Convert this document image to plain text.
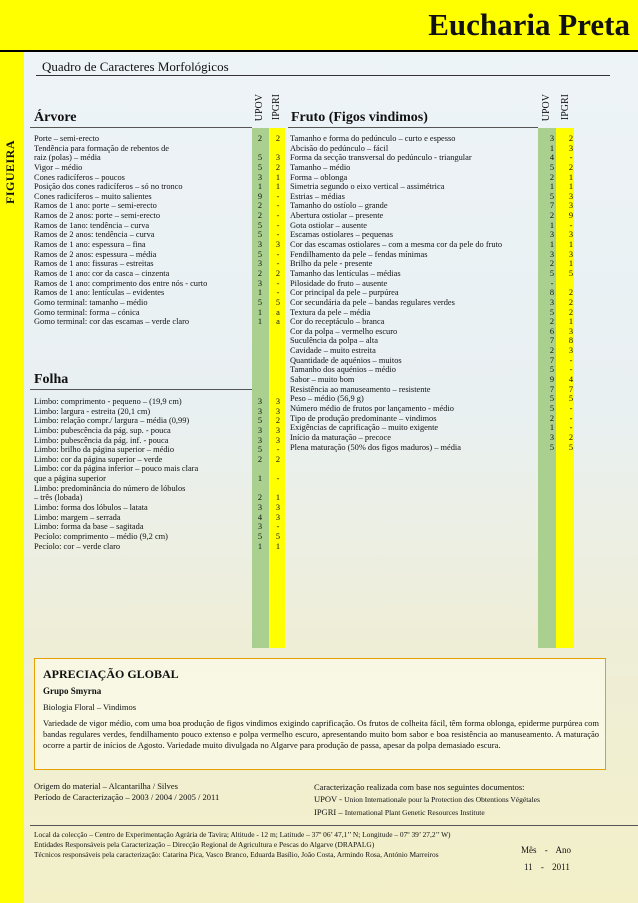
Eucharia Preta
FIGUEIRA
Quadro de Caracteres Morfológicos
UPOV IPGRI	UPOV IPGRI
Árvore
Porte – semi-erecto	2	2
Tendência para formação de rebentos de
raiz (polas) – média	5	3
Vigor – médio	5	2
Cones radicíferos – poucos	3	1
Posição dos cones radicíferos – só no tronco	1	1
Cones radicíferos – muito salientes	9	-
Ramos de 1 ano: porte – semi-erecto	2	-
Ramos de 2 anos: porte – semi-erecto	2	-
Ramos de 1ano: tendência – curva	5	-
Ramos de 2 anos: tendência – curva	5	-
Ramos de 1 ano: espessura – fina	3	3
Ramos de 2 anos: espessura – média	5	-
Ramos de 1 ano: fissuras – estreitas	3	-
Ramos de 1 ano: cor da casca – cinzenta	2	2
Ramos de 1 ano: comprimento dos entre nós - curto	3	-
Ramos de 1 ano: lentículas – evidentes	1	-
Gomo terminal: tamanho – médio	5	5
Gomo terminal: forma – cónica	1	a
Gomo terminal: cor das escamas – verde claro	1	a
Folha
Limbo: comprimento - pequeno – (19,9 cm)	3	3
Limbo: largura - estreita (20,1 cm)	3	3
Limbo: relação compr./ largura – média (0,99)	5	2
Limbo: pubescência da pág. sup. - pouca	3	3
Limbo: pubescência da pág. inf. - pouca	3	3
Limbo: brilho da página superior – médio	5	-
Limbo: cor da página superior – verde	2	2
Limbo: cor da página inferior – pouco mais clara
que a página superior	1	-
Limbo: predominância do número de lóbulos
– três (lobada)	2	1
Limbo: forma dos lóbulos – latata	3	3
Limbo: margem – serrada	4	3
Limbo: forma da base – sagitada	3	-
Pecíolo: comprimento – médio (9,2 cm)	5	5
Pecíolo: cor – verde claro	1	1
Fruto (Figos vindimos)
Tamanho e forma do pedúnculo – curto e espesso	3	2
Abcisão do pedúnculo – fácil	1	3
Forma da secção transversal do pedúnculo - triangular	4	-
Tamanho – médio	5	2
Forma – oblonga	2	1
Simetria segundo o eixo vertical – assimétrica	1	1
Estrias – médias	5	3
Tamanho do ostíolo – grande	7	3
Abertura ostiolar – presente	2	9
Gota ostiolar – ausente	1	-
Escamas ostiolares – pequenas	3	3
Cor das escamas ostiolares – com a mesma cor da pele do fruto	1	1
Fendilhamento da pele – fendas mínimas	3	3
Brilho da pele - presente	2	1
Tamanho das lentículas – médias	5	5
Pilosidade do fruto – ausente	-
Cor principal da pele – purpúrea	8	2
Cor secundária da pele – bandas regulares verdes	3	2
Textura da pele – média	5	2
Cor do receptáculo – branca	2	1
Cor da polpa – vermelho escuro	6	3
Suculência da polpa – alta	7	8
Cavidade – muito estreita	2	3
Quantidade de aquénios – muitos	7	-
Tamanho dos aquénios – médio	5	-
Sabor – muito bom	9	4
Resistência ao manuseamento – resistente	7	7
Peso – médio (56,9 g)	5	5
Número médio de frutos por lançamento - médio	5	-
Tipo de produção predominante – vindimos	2	-
Exigências de caprificação – muito exigente	1	-
Início da maturação – precoce	3	2
Plena maturação (50% dos figos maduros) – média	5	5
APRECIAÇÃO GLOBAL
Grupo Smyrna
Biologia Floral – Vindimos
Variedade de vigor médio, com uma boa produção de figos vindimos exigindo caprificação. Os frutos de colheita fácil, têm forma oblonga, epiderme purpúrea com bandas regulares verdes, fendilhamento pouco extenso e polpa vermelho escuro, apresentando muito bom sabor e boa resistência ao manuseamento. A maturação ocorre a partir de inícios de Agosto. Variedade muito divulgada no Algarve para produção de passa, apesar da polpa demasiado escura.
Origem do material – Alcantarilha / Silves
Período de Caracterização – 2003 / 2004 / 2005 / 2011
Caracterização realizada com base nos seguintes documentos:
UPOV - Union Internationale pour la Protection des Obtentions Végétales
IPGRI – International Plant Genetic Resources Institute
Local da colecção – Centro de Experimentação Agrária de Tavira; Altitude - 12 m; Latitude – 37º 06’ 47,1’’ N; Longitude – 07º 39’ 27,2’’ W)
Entidades Responsáveis pela Caracterização – Direcção Regional de Agricultura e Pescas do Algarve (DRAPALG)
Técnicos responsáveis pela caracterização: Catarina Pica, Vasco Branco, Eduarda Basílio, João Costa, Armindo Rosa, António Marreiros	Mês - Ano
11 - 2011
